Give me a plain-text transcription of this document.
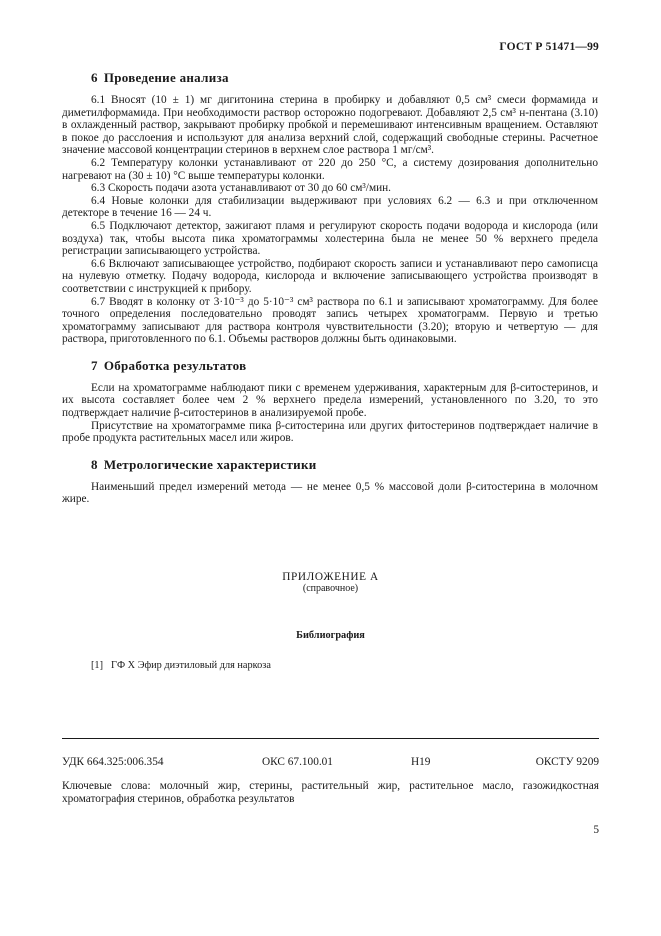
ГОСТ Р 51471—99
6 Проведение анализа

6.1 Вносят (10 ± 1) мг дигитонина стерина в пробирку и добавляют 0,5 см³ смеси формамида и диметилформамида. При необходимости раствор осторожно подогревают. Добавляют 2,5 см³ н-пентана (3.10) в охлажденный раствор, закрывают пробирку пробкой и перемешивают интенсивным вращением. Оставляют в покое до расслоения и используют для анализа верхний слой, содержащий свободные стерины. Расчетное значение массовой концентрации стеринов в верхнем слое раствора 1 мг/см³.

6.2 Температуру колонки устанавливают от 220 до 250 °С, а систему дозирования дополнительно нагревают на (30 ± 10) °С выше температуры колонки.

6.3 Скорость подачи азота устанавливают от 30 до 60 см³/мин.

6.4 Новые колонки для стабилизации выдерживают при условиях 6.2 — 6.3 и при отключенном детекторе в течение 16 — 24 ч.

6.5 Подключают детектор, зажигают пламя и регулируют скорость подачи водорода и кислорода (или воздуха) так, чтобы высота пика хроматограммы холестерина была не менее 50 % верхнего предела регистрации записывающего устройства.

6.6 Включают записывающее устройство, подбирают скорость записи и устанавливают перо самописца на нулевую отметку. Подачу водорода, кислорода и включение записывающего устройства производят в соответствии с инструкцией к прибору.

6.7 Вводят в колонку от 3·10⁻³ до 5·10⁻³ см³ раствора по 6.1 и записывают хроматограмму. Для более точного определения последовательно проводят запись четырех хроматограмм. Первую и третью хроматограмму записывают для раствора контроля чувствительности (3.20); вторую и четвертую — для раствора, приготовленного по 6.1. Объемы растворов должны быть одинаковыми.

7 Обработка результатов

Если на хроматограмме наблюдают пики с временем удерживания, характерным для β-ситостеринов, и их высота составляет более чем 2 % верхнего предела измерений, установленного по 3.20, то это подтверждает наличие β-ситостеринов в анализируемой пробе.

Присутствие на хроматограмме пика β-ситостерина или других фитостеринов подтверждает наличие в пробе продукта растительных масел или жиров.

8 Метрологические характеристики

Наименьший предел измерений метода — не менее 0,5 % массовой доли β-ситостерина в молочном жире.

ПРИЛОЖЕНИЕ А
(справочное)
Библиография
[1] ГФ Х Эфир диэтиловый для наркоза
УДК 664.325:006.354	ОКС 67.100.01	Н19	ОКСТУ 9209
Ключевые слова: молочный жир, стерины, растительный жир, растительное масло, газожидкостная хроматография стеринов, обработка результатов
5
